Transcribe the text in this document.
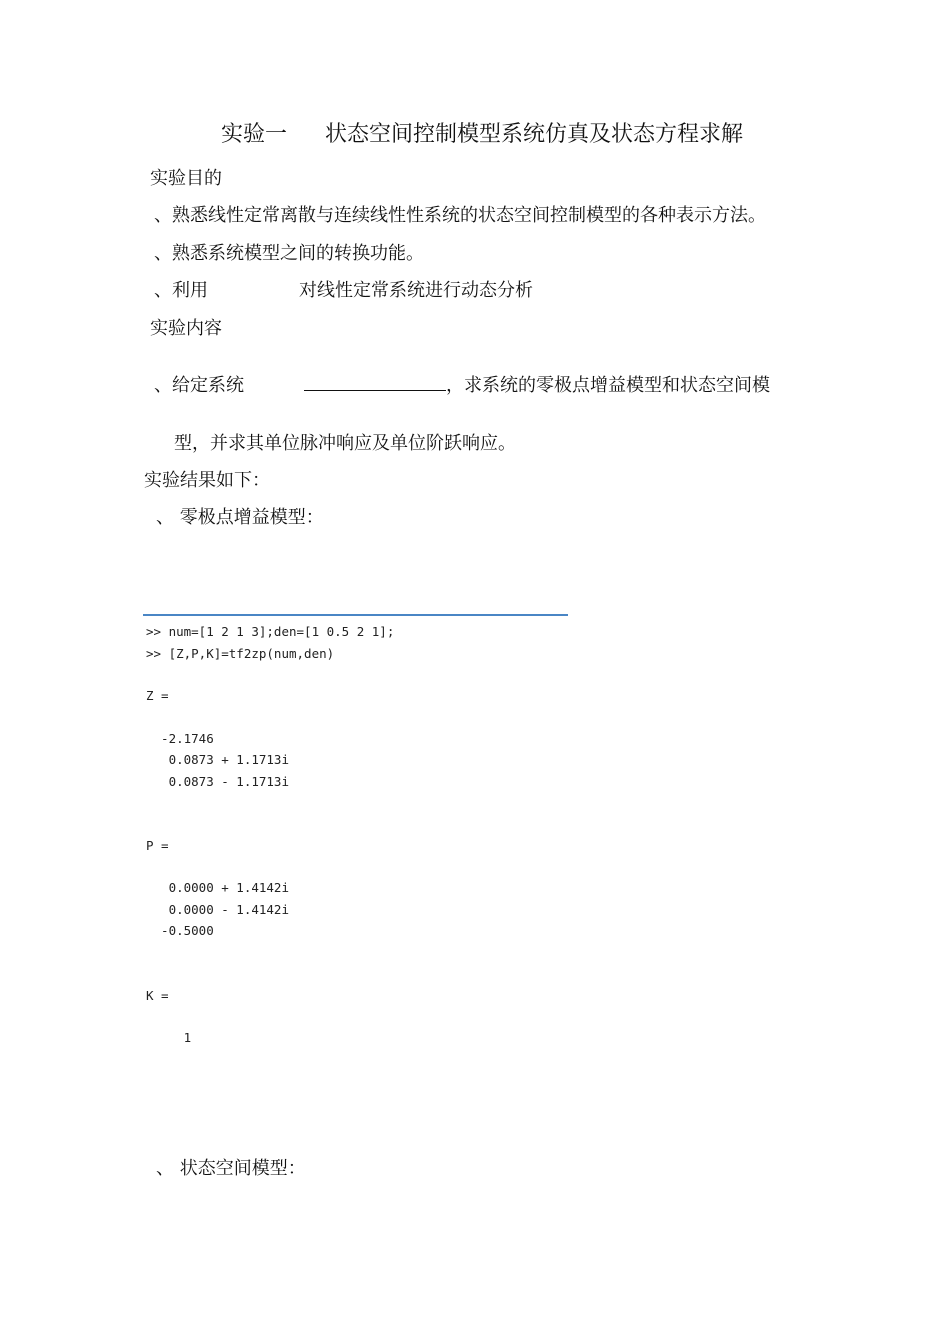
实验一 状态空间控制模型系统仿真及状态方程求解
实验目的
、熟悉线性定常离散与连续线性性系统的状态空间控制模型的各种表示方法。
、熟悉系统模型之间的转换功能。
、利用	对线性定常系统进行动态分析
实验内容
、给定系统	，求系统的零极点增益模型和状态空间模
型，并求其单位脉冲响应及单位阶跃响应。
实验结果如下：
、 零极点增益模型：
>> num=[1 2 1 3];den=[1 0.5 2 1];
>> [Z,P,K]=tf2zp(num,den)
Z =
-2.1746
0.0873 + 1.1713i
0.0873 - 1.1713i
P =
0.0000 + 1.4142i
0.0000 - 1.4142i
-0.5000
K =
1
、 状态空间模型：
